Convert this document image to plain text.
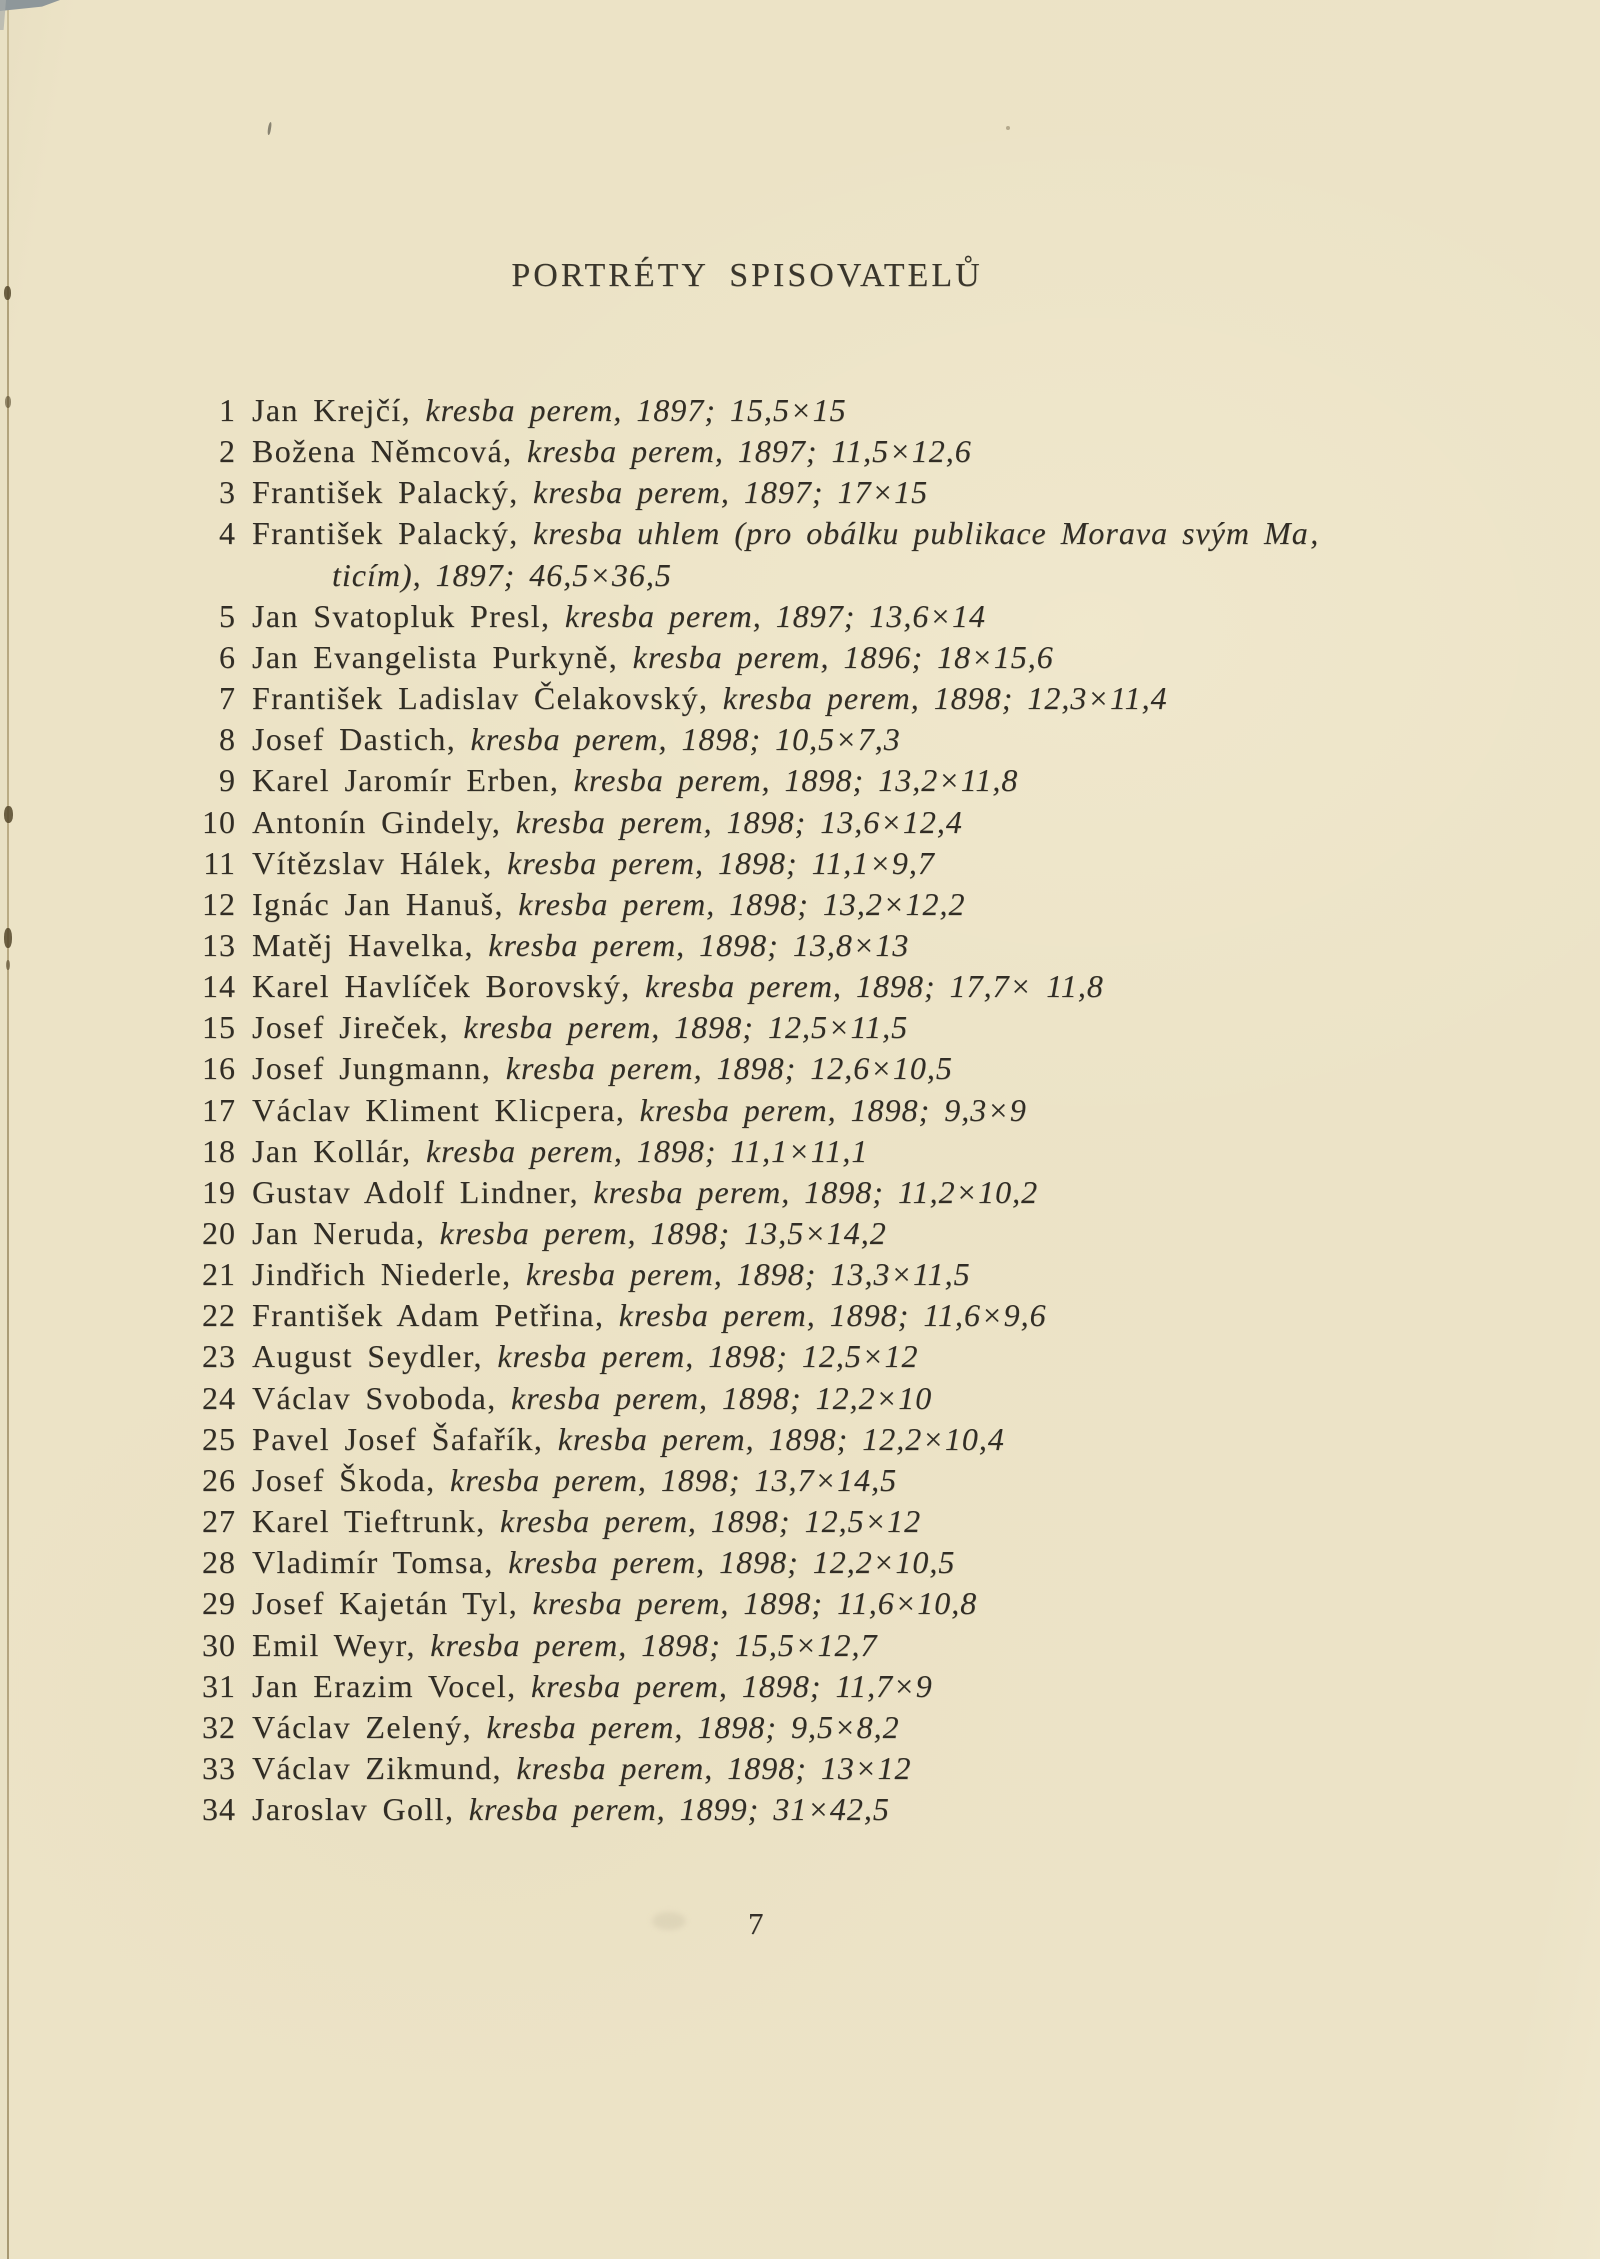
PORTRÉTY SPISOVATELŮ
1 Jan Krejčí, kresba perem, 1897; 15,5×15
2 Božena Němcová, kresba perem, 1897; 11,5×12,6
3 František Palacký, kresba perem, 1897; 17×15
4 František Palacký, kresba uhlem (pro obálku publikace Morava svým Ma‚
ticím), 1897; 46,5×36,5
5 Jan Svatopluk Presl, kresba perem, 1897; 13,6×14
6 Jan Evangelista Purkyně, kresba perem, 1896; 18×15,6
7 František Ladislav Čelakovský, kresba perem, 1898; 12,3×11,4
8 Josef Dastich, kresba perem, 1898; 10,5×7,3
9 Karel Jaromír Erben, kresba perem, 1898; 13,2×11,8
10 Antonín Gindely, kresba perem, 1898; 13,6×12,4
11 Vítězslav Hálek, kresba perem, 1898; 11,1×9,7
12 Ignác Jan Hanuš, kresba perem, 1898; 13,2×12,2
13 Matěj Havelka, kresba perem, 1898; 13,8×13
14 Karel Havlíček Borovský, kresba perem, 1898; 17,7× 11,8
15 Josef Jireček, kresba perem, 1898; 12,5×11,5
16 Josef Jungmann, kresba perem, 1898; 12,6×10,5
17 Václav Kliment Klicpera, kresba perem, 1898; 9,3×9
18 Jan Kollár, kresba perem, 1898; 11,1×11,1
19 Gustav Adolf Lindner, kresba perem, 1898; 11,2×10,2
20 Jan Neruda, kresba perem, 1898; 13,5×14,2
21 Jindřich Niederle, kresba perem, 1898; 13,3×11,5
22 František Adam Petřina, kresba perem, 1898; 11,6×9,6
23 August Seydler, kresba perem, 1898; 12,5×12
24 Václav Svoboda, kresba perem, 1898; 12,2×10
25 Pavel Josef Šafařík, kresba perem, 1898; 12,2×10,4
26 Josef Škoda, kresba perem, 1898; 13,7×14,5
27 Karel Tieftrunk, kresba perem, 1898; 12,5×12
28 Vladimír Tomsa, kresba perem, 1898; 12,2×10,5
29 Josef Kajetán Tyl, kresba perem, 1898; 11,6×10,8
30 Emil Weyr, kresba perem, 1898; 15,5×12,7
31 Jan Erazim Vocel, kresba perem, 1898; 11,7×9
32 Václav Zelený, kresba perem, 1898; 9,5×8,2
33 Václav Zikmund, kresba perem, 1898; 13×12
34 Jaroslav Goll, kresba perem, 1899; 31×42,5
7
